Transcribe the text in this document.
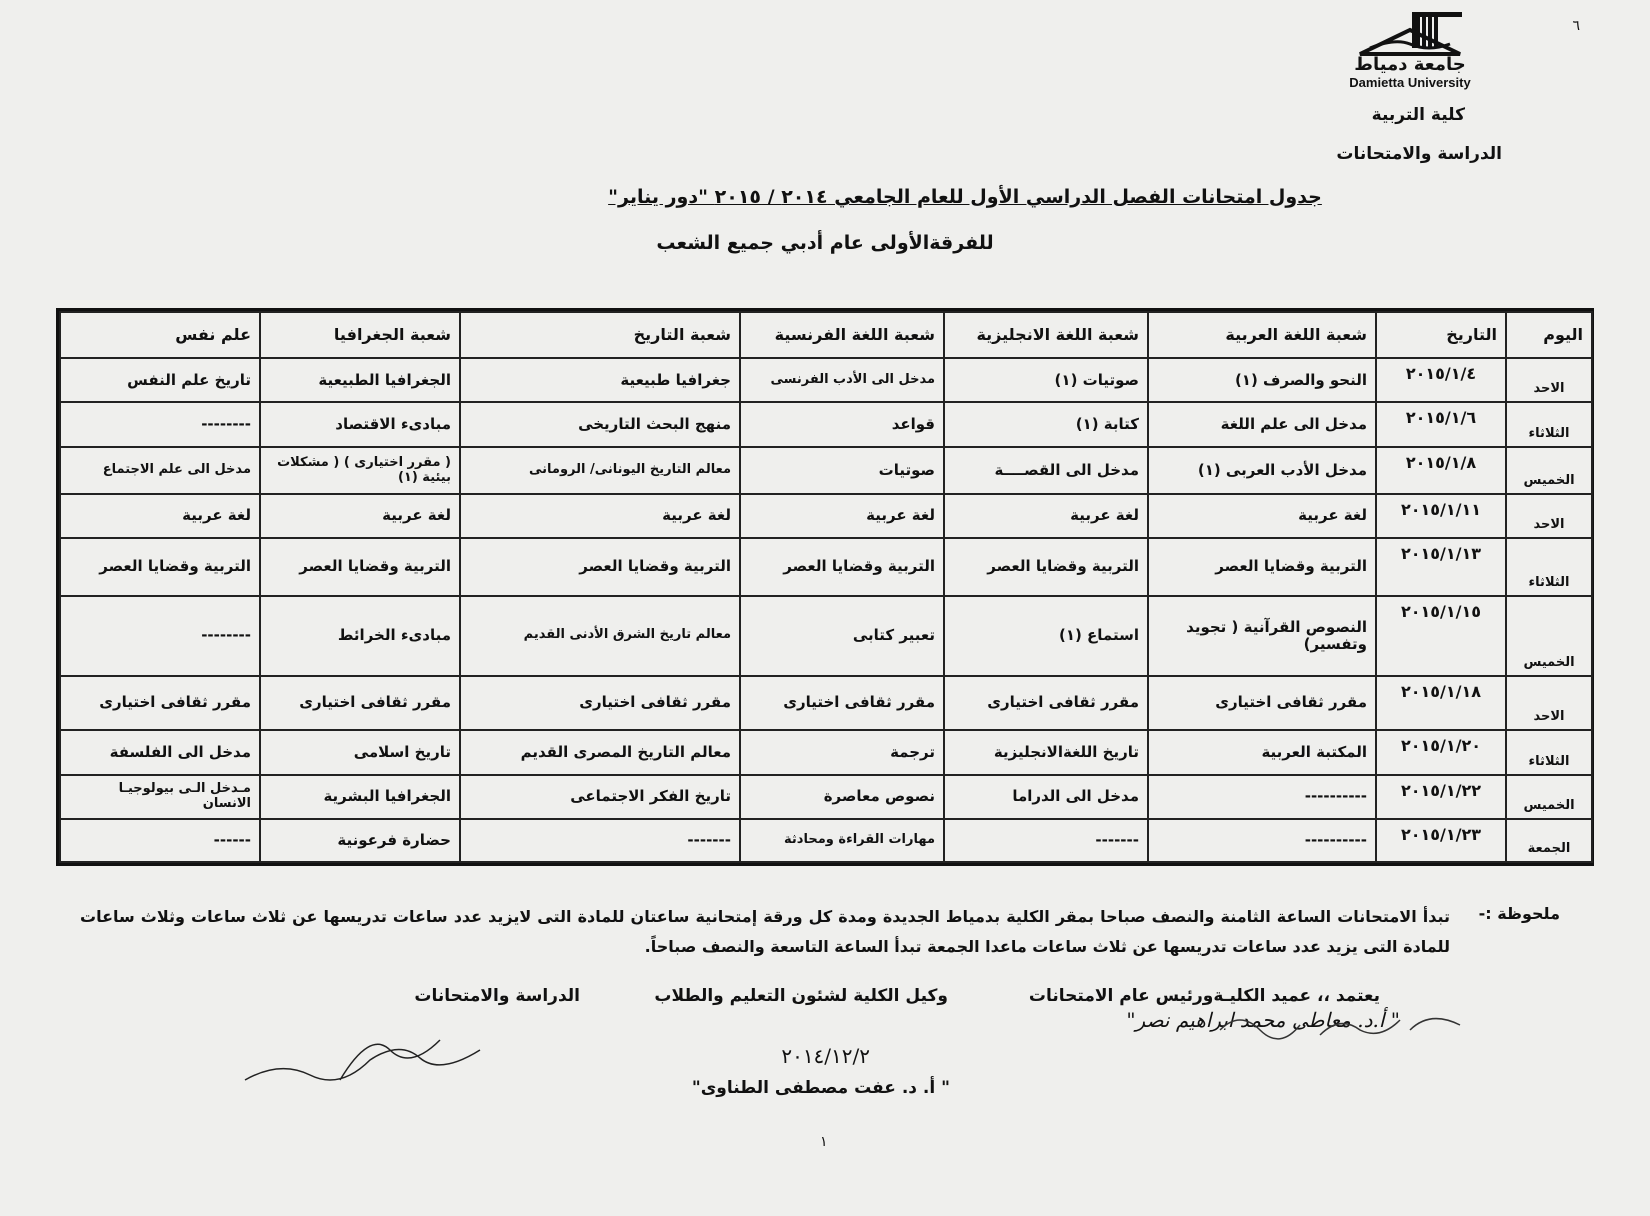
٦
جامعة دمياط
Damietta University
كلية التربية
الدراسة والامتحانات
جدول امتحانات الفصل الدراسي الأول للعام الجامعي ٢٠١٤ / ٢٠١٥ "دور يناير"
للفرقةالأولى عام أدبي جميع الشعب
اليوم	التاريخ	شعبة اللغة العربية	شعبة اللغة الانجليزية	شعبة اللغة الفرنسية	شعبة التاريخ	شعبة الجغرافيا	علم نفس
الاحد	٢٠١٥/١/٤	النحو والصرف (١)	صوتيات (١)	مدخل الى الأدب الفرنسى	جغرافيا طبيعية	الجغرافيا الطبيعية	تاريخ علم النفس
الثلاثاء	٢٠١٥/١/٦	مدخل الى علم اللغة	كتابة (١)	قواعد	منهج البحث التاريخى	مبادىء الاقتصاد	--------
الخميس	٢٠١٥/١/٨	مدخل الأدب العربى (١)	مدخل الى القصــــة	صوتيات	معالم التاريخ اليونانى/ الرومانى	( مقرر اختيارى ) ( مشكلات بيئية (١)	مدخل الى علم الاجتماع
الاحد	٢٠١٥/١/١١	لغة عربية	لغة عربية	لغة عربية	لغة عربية	لغة عربية	لغة عربية
الثلاثاء	٢٠١٥/١/١٣	التربية وقضايا العصر	التربية وقضايا العصر	التربية وقضايا العصر	التربية وقضايا العصر	التربية وقضايا العصر	التربية وقضايا العصر
الخميس	٢٠١٥/١/١٥	النصوص القرآنية ( تجويد وتفسير)	استماع (١)	تعبير كتابى	معالم تاريخ الشرق الأدنى القديم	مبادىء الخرائط	--------
الاحد	٢٠١٥/١/١٨	مقرر ثقافى اختيارى	مقرر ثقافى اختيارى	مقرر ثقافى اختيارى	مقرر ثقافى اختيارى	مقرر ثقافى اختيارى	مقرر ثقافى اختيارى
الثلاثاء	٢٠١٥/١/٢٠	المكتبة العربية	تاريخ اللغةالانجليزية	ترجمة	معالم التاريخ المصرى القديم	تاريخ اسلامى	مدخل الى الفلسفة
الخميس	٢٠١٥/١/٢٢	----------	مدخل الى الدراما	نصوص معاصرة	تاريخ الفكر الاجتماعى	الجغرافيا البشرية	مـدخل الـى بيولوجيـا الانسان
الجمعة	٢٠١٥/١/٢٣	----------	-------	مهارات القراءة ومحادثة	-------	حضارة فرعونية	------
ملحوظة :-
تبدأ الامتحانات الساعة الثامنة والنصف صباحا بمقر الكلية بدمياط الجديدة ومدة كل ورقة إمتحانية ساعتان للمادة التى لايزيد عدد ساعات تدريسها عن ثلاث ساعات وثلاث ساعات للمادة التى يزيد عدد ساعات تدريسها عن ثلاث ساعات ماعدا الجمعة تبدأ الساعة التاسعة والنصف صباحاً.
يعتمد ،، عميد الكليـةورئيس عام الامتحانات
" أ.د. معاطى محمد ابراهيم نصر"
وكيل الكلية لشئون التعليم والطلاب
٢٠١٤/١٢/٢
" أ. د. عفت مصطفى الطناوى"
الدراسة والامتحانات
١
